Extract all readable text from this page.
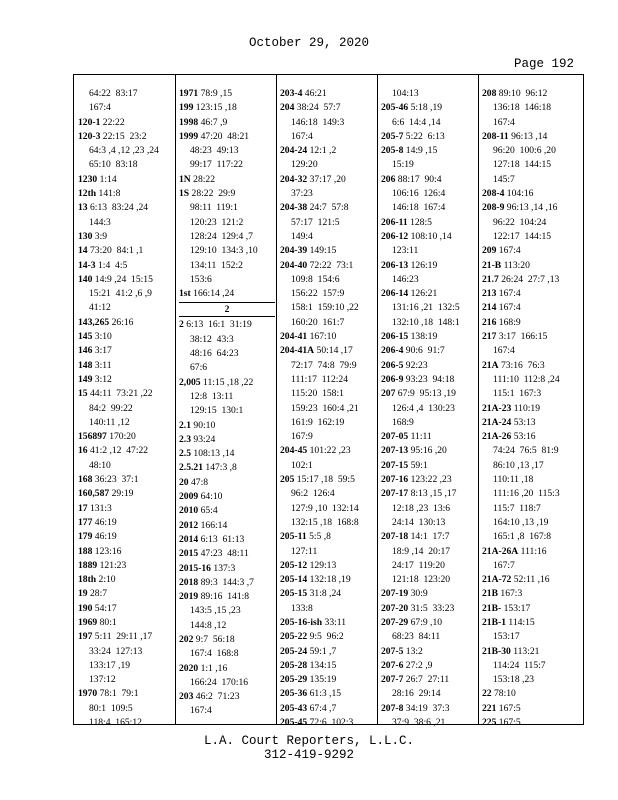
October 29, 2020
Page 192
64:22  83:17
167:4
120-1 22:22
120-3 22:15  23:2
64:3 ,4 ,12 ,23 ,24
65:10  83:18
1230 1:14
12th 141:8
13 6:13  83:24 ,24
144:3
130 3:9
14 73:20  84:1 ,1
14-3 1:4  4:5
140 14:9 ,24  15:15
15:21  41:2 ,6 ,9
41:12
143,265 26:16
145 3:10
146 3:17
148 3:11
149 3:12
15 44:11  73:21 ,22
84:2  99:22
140:11 ,12
156897 170:20
16 41:2 ,12  47:22
48:10
168 36:23  37:1
160,587 29:19
17 131:3
177 46:19
179 46:19
188 123:16
1889 121:23
18th 2:10
19 28:7
190 54:17
1969 80:1
197 5:11  29:11 ,17
33:24  127:13
133:17 ,19
137:12
1970 78:1  79:1
80:1  109:5
118:4  165:12
1971 78:9 ,15
199 123:15 ,18
1998 46:7 ,9
1999 47:20  48:21
48:23  49:13
99:17  117:22
1N 28:22
1S 28:22  29:9
98:11  119:1
120:23  121:2
128:24  129:4 ,7
129:10  134:3 ,10
134:11  152:2
153:6
1st 166:14 ,24
2
2 6:13  16:1  31:19
38:12  43:3
48:16  64:23
67:6
2,005 11:15 ,18 ,22
12:8  13:11
129:15  130:1
2.1 90:10
2.3 93:24
2.5 108:13 ,14
2.5.21 147:3 ,8
20 47:8
2009 64:10
2010 65:4
2012 166:14
2014 6:13  61:13
2015 47:23  48:11
2015-16 137:3
2018 89:3  144:3 ,7
2019 89:16  141:8
143:5 ,15 ,23
144:8 ,12
202 9:7  56:18
167:4  168:8
2020 1:1 ,16
166:24  170:16
203 46:2  71:23
167:4
203-4 46:21
204 38:24  57:7
146:18  149:3
167:4
204-24 12:1 ,2
129:20
204-32 37:17 ,20
37:23
204-38 24:7  57:8
57:17  121:5
149:4
204-39 149:15
204-40 72:22  73:1
109:8  154:6
156:22  157:9
158:1  159:10 ,22
160:20  161:7
204-41 167:10
204-41A 50:14 ,17
72:17  74:8  79:9
111:17  112:24
115:20  158:1
159:23  160:4 ,21
161:9  162:19
167:9
204-45 101:22 ,23
102:1
205 15:17 ,18  59:5
96:2  126:4
127:9 ,10  132:14
132:15 ,18  168:8
205-11 5:5 ,8
127:11
205-12 129:13
205-14 132:18 ,19
205-15 31:8 ,24
133:8
205-16-ish 33:11
205-22 9:5  96:2
205-24 59:1 ,7
205-28 134:15
205-29 135:19
205-36 61:3 ,15
205-43 67:4 ,7
205-45 72:6  102:3
104:13
205-46 5:18 ,19
6:6  14:4 ,14
205-7 5:22  6:13
205-8 14:9 ,15
15:19
206 88:17  90:4
106:16  126:4
146:18  167:4
206-11 128:5
206-12 108:10 ,14
123:11
206-13 126:19
146:23
206-14 126:21
131:16 ,21  132:5
132:10 ,18  148:1
206-15 138:19
206-4 90:6  91:7
206-5 92:23
206-9 93:23  94:18
207 67:9  95:13 ,19
126:4 ,4  130:23
168:9
207-05 11:11
207-13 95:16 ,20
207-15 59:1
207-16 123:22 ,23
207-17 8:13 ,15 ,17
12:18 ,23  13:6
24:14  130:13
207-18 14:1  17:7
18:9 ,14  20:17
24:17  119:20
121:18  123:20
207-19 30:9
207-20 31:5  33:23
207-29 67:9 ,10
68:23  84:11
207-5 13:2
207-6 27:2 ,9
207-7 26:7  27:11
28:16  29:14
207-8 34:19  37:3
37:9  38:6 ,21
208 89:10  96:12
136:18  146:18
167:4
208-11 96:13 ,14
96:20  100:6 ,20
127:18  144:15
145:7
208-4 104:16
208-9 96:13 ,14 ,16
96:22  104:24
122:17  144:15
209 167:4
21-B 113:20
21.7 26:24  27:7 ,13
213 167:4
214 167:4
216 168:9
217 3:17  166:15
167:4
21A 73:16  76:3
111:10  112:8 ,24
115:1  167:3
21A-23 110:19
21A-24 53:13
21A-26 53:16
74:24  76:5  81:9
86:10 ,13 ,17
110:11 ,18
111:16 ,20  115:3
115:7  118:7
164:10 ,13 ,19
165:1 ,8  167:8
21A-26A 111:16
167:7
21A-72 52:11 ,16
21B 167:3
21B- 153:17
21B-1 114:15
153:17
21B-30 113:21
114:24  115:7
153:18 ,23
22 78:10
221 167:5
225 167:5
L.A. Court Reporters, L.L.C.
312-419-9292
